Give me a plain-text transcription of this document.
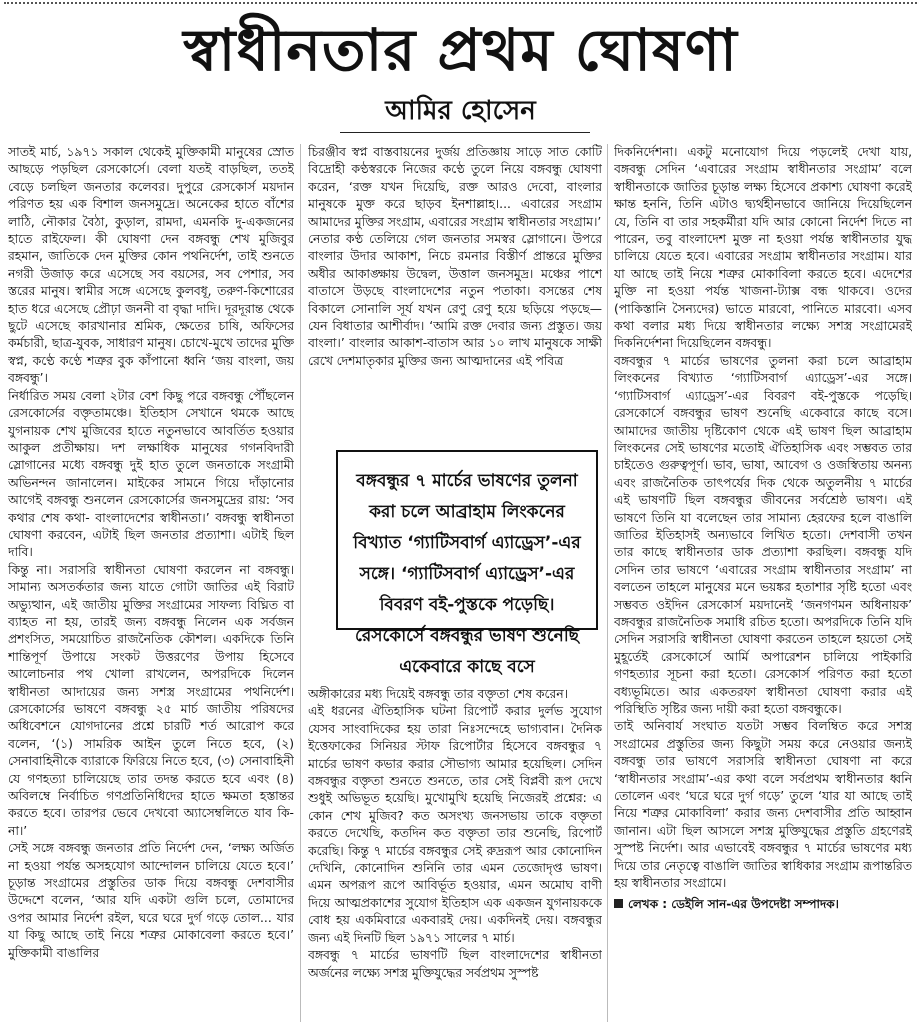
স্বাধীনতার প্রথম ঘোষণা
আমির হোসেন

সাতই মার্চ, ১৯৭১ সকাল থেকেই মুক্তিকামী মানুষের স্রোত আছড়ে পড়ছিল রেসকোর্সে। বেলা যতই বাড়ছিল, ততই বেড়ে চলছিল জনতার কলেবর। দুপুরে রেসকোর্স ময়দান পরিণত হয় এক বিশাল জনসমুদ্রে। অনেকের হাতে বাঁশের লাঠি, নৌকার বৈঠা, কুড়াল, রামদা, এমনকি দু-একজনের হাতে রাইফেল। কী ঘোষণা দেন বঙ্গবন্ধু শেখ মুজিবুর রহমান, জাতিকে দেন মুক্তির কোন পথনির্দেশ, তাই শুনতে নগরী উজাড় করে এসেছে সব বয়সের, সব পেশার, সব স্তরের মানুষ। স্বামীর সঙ্গে এসেছে কুলবধূ, তরুণ-কিশোরের হাত ধরে এসেছে প্রৌঢ়া জননী বা বৃদ্ধা দাদি। দূরদূরান্ত থেকে ছুটে এসেছে কারখানার শ্রমিক, ক্ষেতের চাষি, অফিসের কর্মচারী, ছাত্র-যুবক, সাধারণ মানুষ। চোখে-মুখে তাদের মুক্তি স্বপ্ন, কণ্ঠে কণ্ঠে শত্রুর বুক কাঁপানো ধ্বনি ‘জয় বাংলা, জয় বঙ্গবন্ধু’।

নির্ধারিত সময় বেলা ২টার বেশ কিছু পরে বঙ্গবন্ধু পৌঁছলেন রেসকোর্সের বক্তৃতামঞ্চে। ইতিহাস সেখানে থমকে আছে যুগনায়ক শেখ মুজিবের হাতে নতুনভাবে আবর্তিত হওয়ার আকুল প্রতীক্ষায়। দশ লক্ষাধিক মানুষের গগনবিদারী স্লোগানের মধ্যে বঙ্গবন্ধু দুই হাত তুলে জনতাকে সংগ্রামী অভিনন্দন জানালেন। মাইকের সামনে গিয়ে দাঁড়ানোর আগেই বঙ্গবন্ধু শুনলেন রেসকোর্সের জনসমুদ্রের রায়: ‘সব কথার শেষ কথা- বাংলাদেশের স্বাধীনতা।’ বঙ্গবন্ধু স্বাধীনতা ঘোষণা করবেন, এটাই ছিল জনতার প্রত্যাশা। এটাই ছিল দাবি।

কিন্তু না। সরাসরি স্বাধীনতা ঘোষণা করলেন না বঙ্গবন্ধু। সামান্য অসতর্কতার জন্য যাতে গোটা জাতির এই বিরাট অভ্যুত্থান, এই জাতীয় মুক্তির সংগ্রামের সাফল্য বিঘ্নিত বা ব্যাহত না হয়, তারই জন্য বঙ্গবন্ধু নিলেন এক সর্বজন প্রশংসিত, সময়োচিত রাজনৈতিক কৌশল। একদিকে তিনি শান্তিপূর্ণ উপায়ে সংকট উত্তরণের উপায় হিসেবে আলোচনার পথ খোলা রাখলেন, অপরদিকে দিলেন স্বাধীনতা আদায়ের জন্য সশস্ত্র সংগ্রামের পথনির্দেশ। রেসকোর্সের ভাষণে বঙ্গবন্ধু ২৫ মার্চ জাতীয় পরিষদের অধিবেশনে যোগদানের প্রশ্নে চারটি শর্ত আরোপ করে বলেন, ‘(১) সামরিক আইন তুলে নিতে হবে, (২) সেনাবাহিনীকে ব্যারাকে ফিরিয়ে নিতে হবে, (৩) সেনাবাহিনী যে গণহত্যা চালিয়েছে তার তদন্ত করতে হবে এবং (৪) অবিলম্বে নির্বাচিত গণপ্রতিনিধিদের হাতে ক্ষমতা হস্তান্তর করতে হবে। তারপর ভেবে দেখবো অ্যাসেম্বলিতে যাব কি-না।’

সেই সঙ্গে বঙ্গবন্ধু জনতার প্রতি নির্দেশ দেন, ‘লক্ষ্য অর্জিত না হওয়া পর্যন্ত অসহযোগ আন্দোলন চালিয়ে যেতে হবে।’ চূড়ান্ত সংগ্রামের প্রস্তুতির ডাক দিয়ে বঙ্গবন্ধু দেশবাসীর উদ্দেশে বলেন, ‘আর যদি একটা গুলি চলে, তোমাদের ওপর আমার নির্দেশ রইল, ঘরে ঘরে দুর্গ গড়ে তোল... যার যা কিছু আছে তাই নিয়ে শত্রুর মোকাবেলা করতে হবে।’ মুক্তিকামী বাঙালির

চিরঞ্জীব স্বপ্ন বাস্তবায়নের দুর্জয় প্রতিজ্ঞায় সাড়ে সাত কোটি বিদ্রোহী কণ্ঠস্বরকে নিজের কণ্ঠে তুলে নিয়ে বঙ্গবন্ধু ঘোষণা করেন, ‘রক্ত যখন দিয়েছি, রক্ত আরও দেবো, বাংলার মানুষকে মুক্ত করে ছাড়ব ইনশাল্লাহ।... এবারের সংগ্রাম আমাদের মুক্তির সংগ্রাম, এবারের সংগ্রাম স্বাধীনতার সংগ্রাম।’

নেতার কণ্ঠ তেলিয়ে গেল জনতার সমস্বর স্লোগানে। উপরে বাংলার উদার আকাশ, নিচে রমনার বিস্তীর্ণ প্রান্তরে মুক্তির অধীর আকাঙ্ক্ষায় উদ্বেল, উত্তাল জনসমুদ্র। মঞ্চের পাশে বাতাসে উড়ছে বাংলাদেশের নতুন পতাকা। বসন্তের শেষ বিকালে সোনালি সূর্য যখন রেণু রেণু হয়ে ছড়িয়ে পড়ছে— যেন বিধাতার আশীর্বাদ। ‘আমি রক্ত দেবার জন্য প্রস্তুত। জয় বাংলা।’ বাংলার আকাশ-বাতাস আর ১০ লাখ মানুষকে সাক্ষী রেখে দেশমাতৃকার মুক্তির জন্য আত্মদানের এই পবিত্র

বঙ্গবন্ধুর ৭ মার্চের ভাষণের তুলনা করা চলে আব্রাহাম লিংকনের বিখ্যাত ‘গ্যাটিসবার্গ এ্যাড্রেস’-এর সঙ্গে। ‘গ্যাটিসবার্গ এ্যাড্রেস’-এর বিবরণ বই-পুস্তকে পড়েছি। রেসকোর্সে বঙ্গবন্ধুর ভাষণ শুনেছি একেবারে কাছে বসে

অঙ্গীকারের মধ্য দিয়েই বঙ্গবন্ধু তার বক্তৃতা শেষ করেন।

এই ধরনের ঐতিহাসিক ঘটনা রিপোর্ট করার দুর্লভ সুযোগ যেসব সাংবাদিকের হয় তারা নিঃসন্দেহে ভাগ্যবান। দৈনিক ইত্তেফাকের সিনিয়র স্টাফ রিপোর্টার হিসেবে বঙ্গবন্ধুর ৭ মার্চের ভাষণ কভার করার সৌভাগ্য আমার হয়েছিল। সেদিন বঙ্গবন্ধুর বক্তৃতা শুনতে শুনতে, তার সেই বিপ্লবী রূপ দেখে শুধুই অভিভূত হয়েছি। মুখোমুখি হয়েছি নিজেরই প্রশ্নের: এ কোন শেখ মুজিব? কত অসংখ্য জনসভায় তাকে বক্তৃতা করতে দেখেছি, কতদিন কত বক্তৃতা তার শুনেছি, রিপোর্ট করেছি। কিন্তু ৭ মার্চের বঙ্গবন্ধুর সেই রুদ্ররূপ আর কোনোদিন দেখিনি, কোনোদিন শুনিনি তার এমন তেজোদৃপ্ত ভাষণ। এমন অপরূপ রূপে আবির্ভূত হওয়ার, এমন অমোঘ বাণী দিয়ে আত্মপ্রকাশের সুযোগ ইতিহাস এক একজন যুগনায়ককে বোধ হয় একমিবারে একবারই দেয়। একদিনই দেয়। বঙ্গবন্ধুর জন্য এই দিনটি ছিল ১৯৭১ সালের ৭ মার্চ।

বঙ্গবন্ধু ৭ মার্চের ভাষণটি ছিল বাংলাদেশের স্বাধীনতা অর্জনের লক্ষ্যে সশস্ত্র মুক্তিযুদ্ধের সর্বপ্রথম সুস্পষ্ট

দিকনির্দেশনা। একটু মনোযোগ দিয়ে পড়লেই দেখা যায়, বঙ্গবন্ধু সেদিন ‘এবারের সংগ্রাম স্বাধীনতার সংগ্রাম’ বলে স্বাধীনতাকে জাতির চূড়ান্ত লক্ষ্য হিসেবে প্রকাশ্য ঘোষণা করেই ক্ষান্ত হননি, তিনি এটাও দ্ব্যর্থহীনভাবে জানিয়ে দিয়েছিলেন যে, তিনি বা তার সহকর্মীরা যদি আর কোনো নির্দেশ দিতে না পারেন, তবু বাংলাদেশ মুক্ত না হওয়া পর্যন্ত স্বাধীনতার যুদ্ধ চালিয়ে যেতে হবে। এবারের সংগ্রাম স্বাধীনতার সংগ্রাম। যার যা আছে তাই নিয়ে শত্রুর মোকাবিলা করতে হবে। এদেশের মুক্তি না হওয়া পর্যন্ত খাজনা-ট্যাক্স বন্ধ থাকবে। ওদের (পাকিস্তানি সৈন্যদের) ভাতে মারবো, পানিতে মারবো। এসব কথা বলার মধ্য দিয়ে স্বাধীনতার লক্ষ্যে সশস্ত্র সংগ্রামেরই দিকনির্দেশনা দিয়েছিলেন বঙ্গবন্ধু।

বঙ্গবন্ধুর ৭ মার্চের ভাষণের তুলনা করা চলে আব্রাহাম লিংকনের বিখ্যাত ‘গ্যাটিসবার্গ এ্যাড্রেস’-এর সঙ্গে। ‘গ্যাটিসবার্গ এ্যাড্রেস’-এর বিবরণ বই-পুস্তকে পড়েছি। রেসকোর্সে বঙ্গবন্ধুর ভাষণ শুনেছি একেবারে কাছে বসে। আমাদের জাতীয় দৃষ্টিকোণ থেকে এই ভাষণ ছিল আব্রাহাম লিংকনের সেই ভাষণের মতোই ঐতিহাসিক এবং সম্ভবত তার চাইতেও গুরুত্বপূর্ণ। ভাব, ভাষা, আবেগ ও ওজস্বিতায় অনন্য এবং রাজনৈতিক তাৎপর্যের দিক থেকে অতুলনীয় ৭ মার্চের এই ভাষণটি ছিল বঙ্গবন্ধুর জীবনের সর্বশ্রেষ্ঠ ভাষণ। এই ভাষণে তিনি যা বলেছেন তার সামান্য হেরফের হলে বাঙালি জাতির ইতিহাসই অন্যভাবে লিখিত হতো। দেশবাসী তখন তার কাছে স্বাধীনতার ডাক প্রত্যাশা করছিল। বঙ্গবন্ধু যদি সেদিন তার ভাষণে ‘এবারের সংগ্রাম স্বাধীনতার সংগ্রাম’ না বলতেন তাহলে মানুষের মনে ভয়ঙ্কর হতাশার সৃষ্টি হতো এবং সম্ভবত ওইদিন রেসকোর্স ময়দানেই ‘জনগণমন অধিনায়ক’ বঙ্গবন্ধুর রাজনৈতিক সমাধি রচিত হতো। অপরদিকে তিনি যদি সেদিন সরাসরি স্বাধীনতা ঘোষণা করতেন তাহলে হয়তো সেই মুহূর্তেই রেসকোর্সে আর্মি অপারেশন চালিয়ে পাইকারি গণহত্যার সূচনা করা হতো। রেসকোর্স পরিণত করা হতো বধ্যভূমিতে। আর একতরফা স্বাধীনতা ঘোষণা করার এই পরিস্থিতি সৃষ্টির জন্য দায়ী করা হতো বঙ্গবন্ধুকে।

তাই অনিবার্য সংঘাত যতটা সম্ভব বিলম্বিত করে সশস্ত্র সংগ্রামের প্রস্তুতির জন্য কিছুটা সময় করে নেওয়ার জন্যই বঙ্গবন্ধু তার ভাষণে সরাসরি স্বাধীনতা ঘোষণা না করে ‘স্বাধীনতার সংগ্রাম’-এর কথা বলে সর্বপ্রথম স্বাধীনতার ধ্বনি তোলেন এবং ‘ঘরে ঘরে দুর্গ গড়ে’ তুলে ‘যার যা আছে তাই নিয়ে শত্রুর মোকাবিলা’ করার জন্য দেশবাসীর প্রতি আহ্বান জানান। এটা ছিল আসলে সশস্ত্র মুক্তিযুদ্ধের প্রস্তুতি গ্রহণেরই সুস্পষ্ট নির্দেশ। আর এভাবেই বঙ্গবন্ধুর ৭ মার্চের ভাষণের মধ্য দিয়ে তার নেতৃত্বে বাঙালি জাতির স্বাধিকার সংগ্রাম রূপান্তরিত হয় স্বাধীনতার সংগ্রামে।

লেখক : ডেইলি সান-এর উপদেষ্টা সম্পাদক।
